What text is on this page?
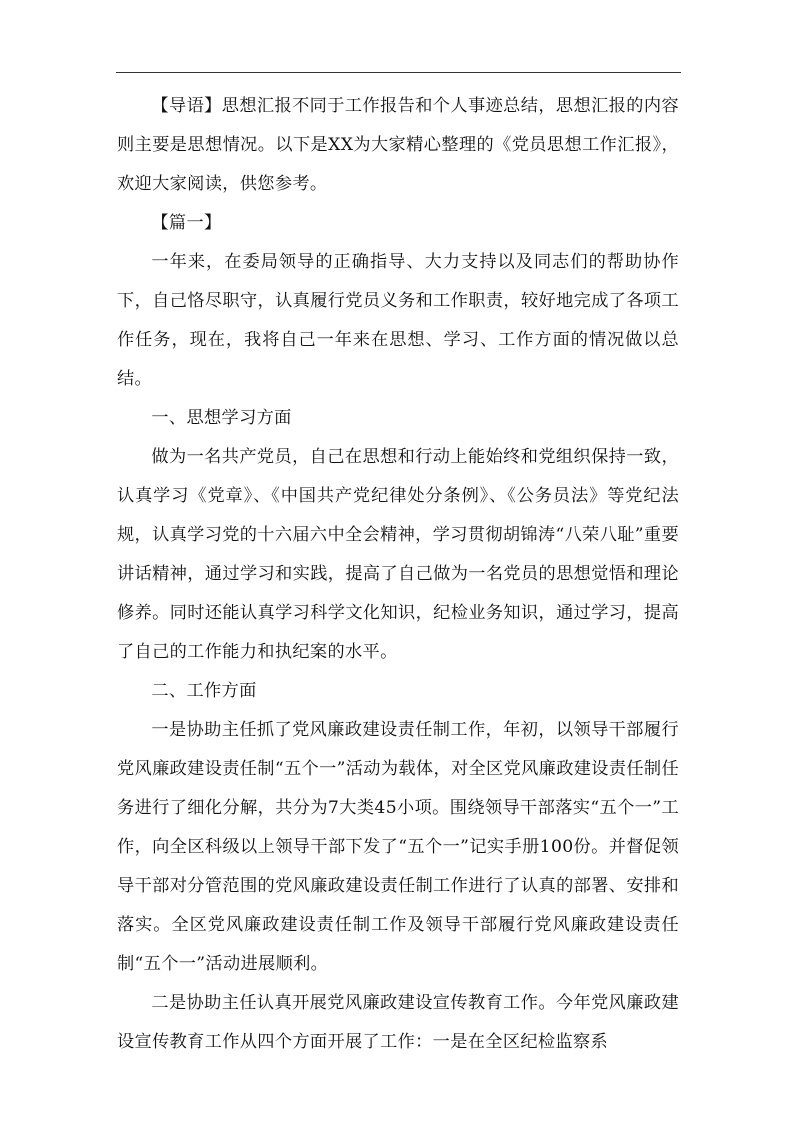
【导语】思想汇报不同于工作报告和个人事迹总结，思想汇报的内容则主要是思想情况。以下是XX为大家精心整理的《党员思想工作汇报》，欢迎大家阅读，供您参考。

【篇一】

一年来，在委局领导的正确指导、大力支持以及同志们的帮助协作下，自己恪尽职守，认真履行党员义务和工作职责，较好地完成了各项工作任务，现在，我将自己一年来在思想、学习、工作方面的情况做以总结。

一、思想学习方面

做为一名共产党员，自己在思想和行动上能始终和党组织保持一致，认真学习《党章》、《中国共产党纪律处分条例》、《公务员法》等党纪法规，认真学习党的十六届六中全会精神，学习贯彻胡锦涛“八荣八耻”重要讲话精神，通过学习和实践，提高了自己做为一名党员的思想觉悟和理论修养。同时还能认真学习科学文化知识，纪检业务知识，通过学习，提高了自己的工作能力和执纪案的水平。

二、工作方面

一是协助主任抓了党风廉政建设责任制工作，年初，以领导干部履行党风廉政建设责任制“五个一”活动为载体，对全区党风廉政建设责任制任务进行了细化分解，共分为7大类45小项。围绕领导干部落实“五个一”工作，向全区科级以上领导干部下发了“五个一”记实手册100份。并督促领导干部对分管范围的党风廉政建设责任制工作进行了认真的部署、安排和落实。全区党风廉政建设责任制工作及领导干部履行党风廉政建设责任制“五个一”活动进展顺利。

二是协助主任认真开展党风廉政建设宣传教育工作。今年党风廉政建设宣传教育工作从四个方面开展了工作：一是在全区纪检监察系
